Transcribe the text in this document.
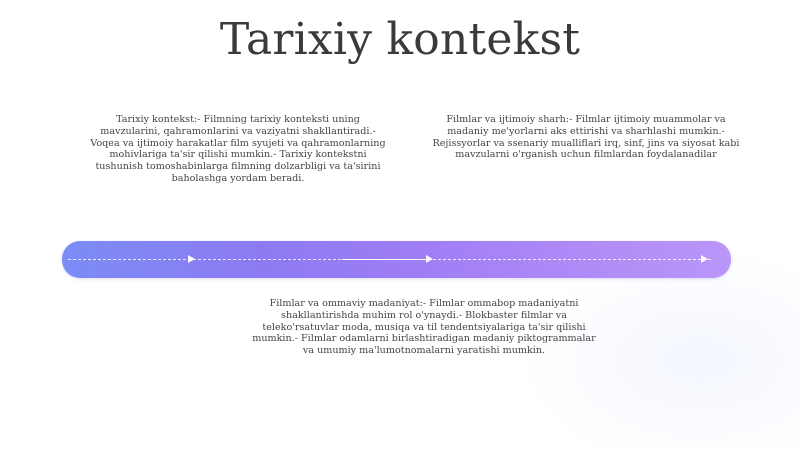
Tarixiy kontekst
Tarixiy kontekst:- Filmning tarixiy konteksti uning mavzularini, qahramonlarini va vaziyatni shakllantiradi.- Voqea va ijtimoiy harakatlar film syujeti va qahramonlarning mohivlariga ta'sir qilishi mumkin.- Tarixiy kontekstni tushunish tomoshabinlarga filmning dolzarbligi va ta'sirini baholashga yordam beradi.
Filmlar va ijtimoiy sharh:- Filmlar ijtimoiy muammolar va madaniy me'yorlarni aks ettirishi va sharhlashi mumkin.- Rejissyorlar va ssenariy mualliflari irq, sinf, jins va siyosat kabi mavzularni o'rganish uchun filmlardan foydalanadilar
Filmlar va ommaviy madaniyat:- Filmlar ommabop madaniyatni shakllantirishda muhim rol o'ynaydi.- Blokbaster filmlar va teleko'rsatuvlar moda, musiqa va til tendentsiyalariga ta'sir qilishi mumkin.- Filmlar odamlarni birlashtiradigan madaniy piktogrammalar va umumiy ma'lumotnomalarni yaratishi mumkin.
